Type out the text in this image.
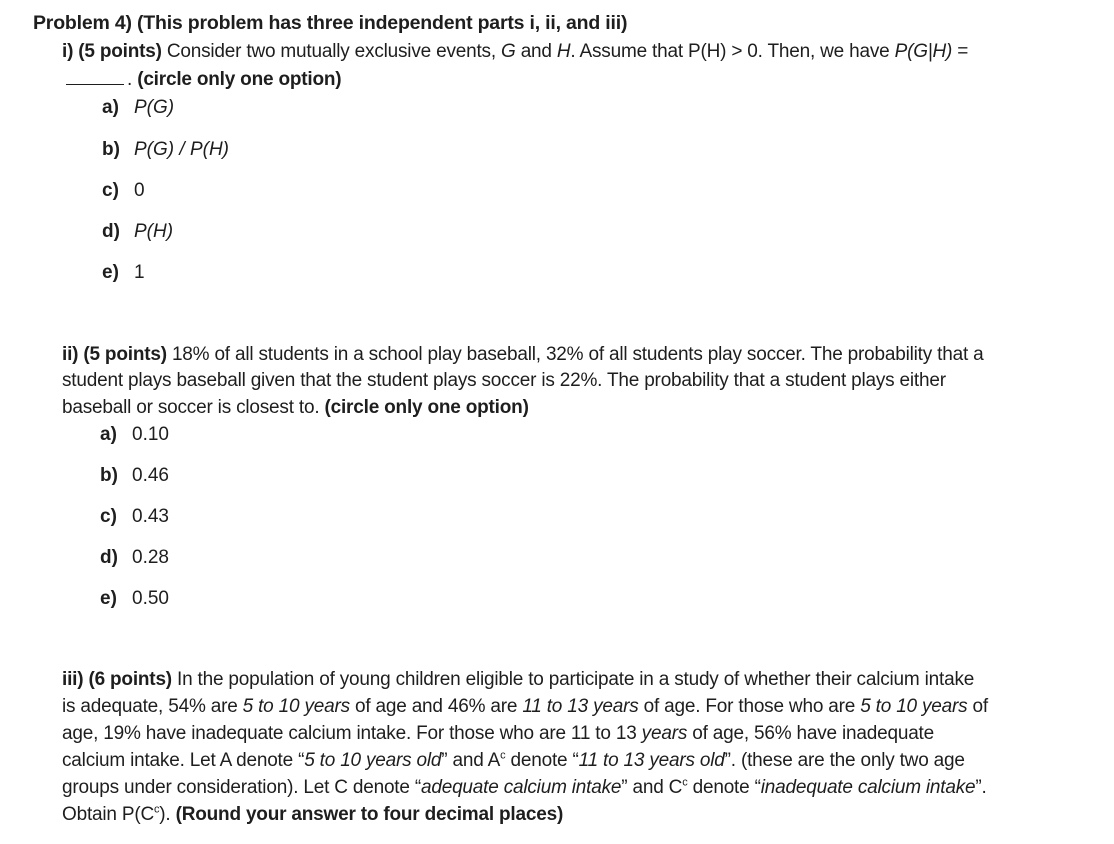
Problem 4) (This problem has three independent parts i, ii, and iii)
i) (5 points) Consider two mutually exclusive events, G and H. Assume that P(H) > 0. Then, we have P(G|H) =
. (circle only one option)
a) P(G)
b) P(G) / P(H)
c) 0
d) P(H)
e) 1
ii) (5 points) 18% of all students in a school play baseball, 32% of all students play soccer. The probability that a
student plays baseball given that the student plays soccer is 22%. The probability that a student plays either
baseball or soccer is closest to. (circle only one option)
a) 0.10
b) 0.46
c) 0.43
d) 0.28
e) 0.50
iii) (6 points) In the population of young children eligible to participate in a study of whether their calcium intake
is adequate, 54% are 5 to 10 years of age and 46% are 11 to 13 years of age. For those who are 5 to 10 years of
age, 19% have inadequate calcium intake. For those who are 11 to 13 years of age, 56% have inadequate
calcium intake. Let A denote “5 to 10 years old” and $A^c$ denote “11 to 13 years old”. (these are the only two age
groups under consideration). Let C denote “adequate calcium intake” and $C^c$ denote “inadequate calcium intake”.
Obtain $P(C^c)$. (Round your answer to four decimal places)
